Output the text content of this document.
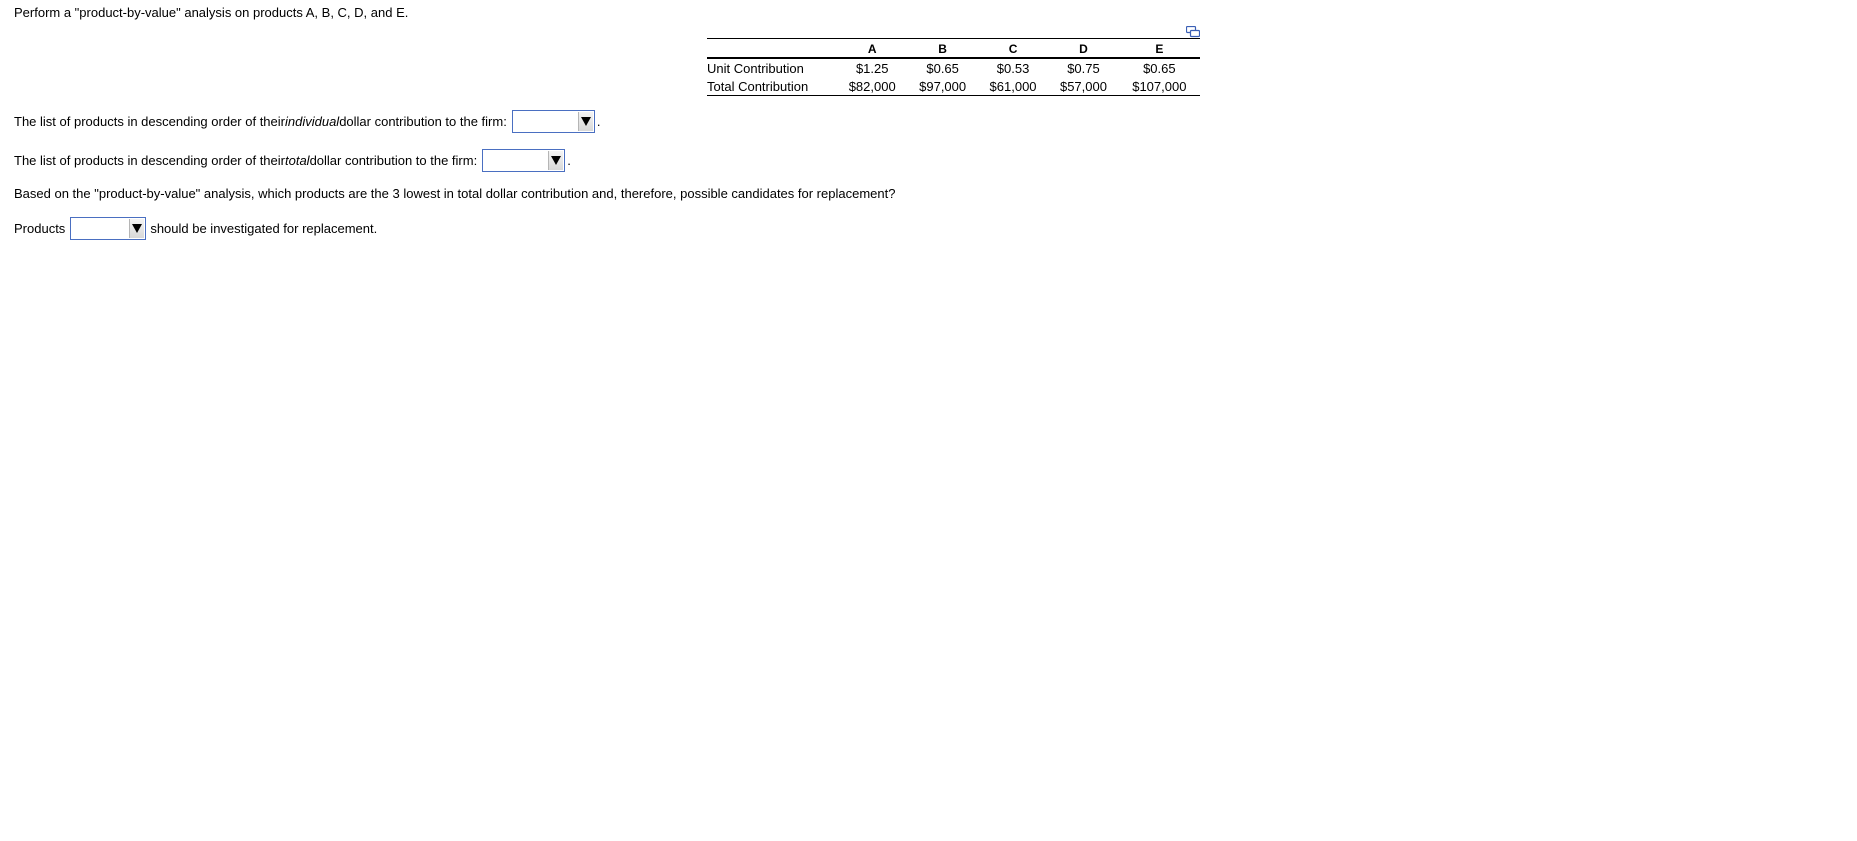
Perform a "product-by-value" analysis on products A, B, C, D, and E.

	A	B	C	D	E
Unit Contribution	$1.25	$0.65	$0.53	$0.75	$0.65
Total Contribution	$82,000	$97,000	$61,000	$57,000	$107,000
The list of products in descending order of their individual dollar contribution to the firm:	.
The list of products in descending order of their total dollar contribution to the firm:	.

Based on the "product-by-value" analysis, which products are the 3 lowest in total dollar contribution and, therefore, possible candidates for replacement?

Products	should be investigated for replacement.
